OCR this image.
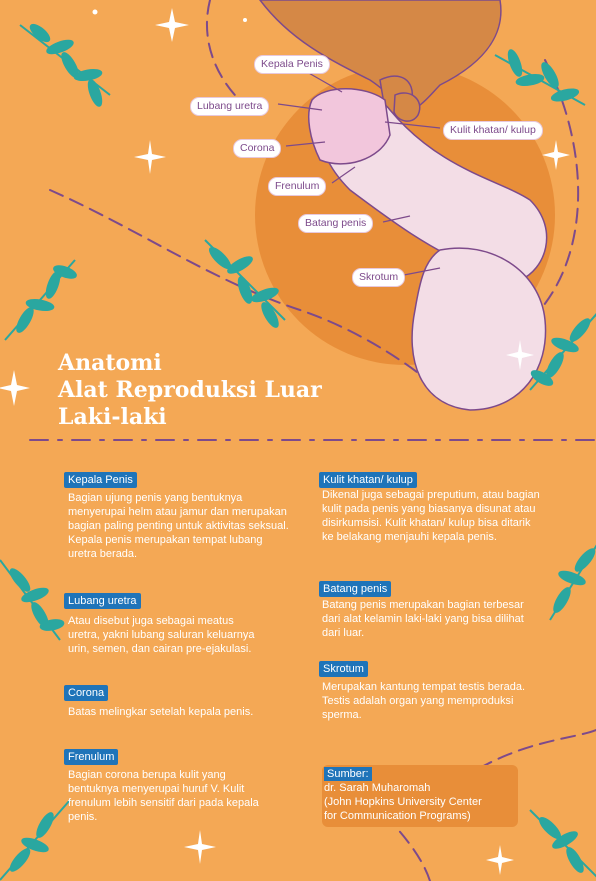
Anatomi
Alat Reproduksi Luar
Laki-laki
Kepala Penis
Lubang uretra
Corona
Frenulum
Batang penis
Skrotum
Kulit khatan/ kulup
Kepala Penis

Bagian ujung penis yang bentuknya menyerupai helm atau jamur dan merupakan bagian paling penting untuk aktivitas seksual. Kepala penis merupakan tempat lubang uretra berada.

Lubang uretra

Atau disebut juga sebagai meatus uretra, yakni lubang saluran keluarnya urin, semen, dan cairan pre-ejakulasi.

Corona

Batas melingkar setelah kepala penis.

Frenulum

Bagian corona berupa kulit yang bentuknya menyerupai huruf V. Kulit frenulum lebih sensitif dari pada kepala penis.

Kulit khatan/ kulup

Dikenal juga sebagai preputium, atau bagian kulit pada penis yang biasanya disunat atau disirkumsisi. Kulit khatan/ kulup bisa ditarik ke belakang menjauhi kepala penis.

Batang penis

Batang penis merupakan bagian terbesar dari alat kelamin laki-laki yang bisa dilihat dari luar.

Skrotum

Merupakan kantung tempat testis berada. Testis adalah organ yang memproduksi sperma.

Sumber:

dr. Sarah Muharomah
(John Hopkins University Center
for Communication Programs)
